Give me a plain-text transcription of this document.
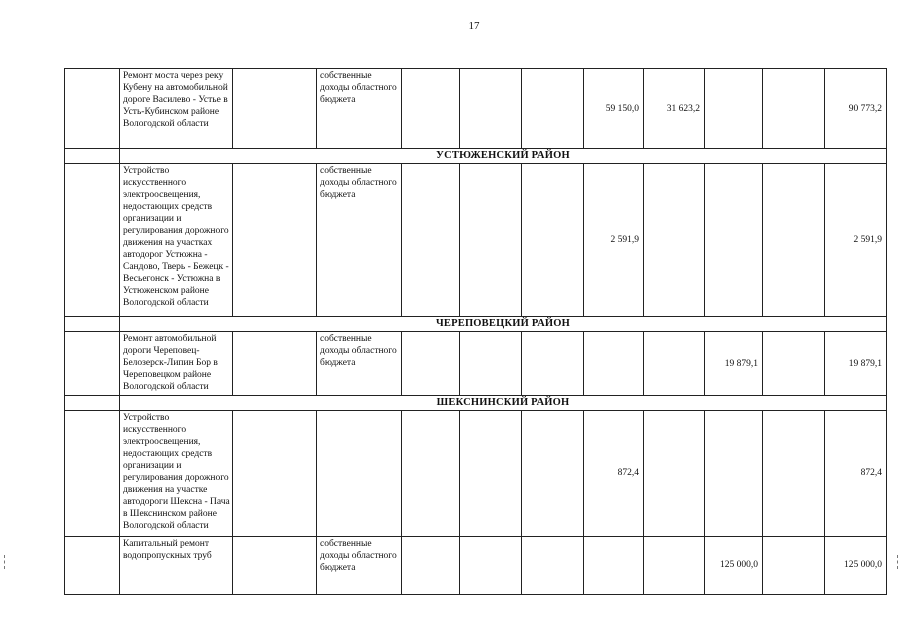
17
	Ремонт моста через реку Кубену на автомобильной дороге Василево - Устье в Усть-Кубинском районе Вологодской области		собственные доходы областного бюджета				59 150,0	31 623,2			90 773,2
	УСТЮЖЕНСКИЙ РАЙОН										
	Устройство искусственного электроосвещения, недостающих средств организации и регулирования дорожного движения на участках автодорог Устюжна - Сандово, Тверь - Бежецк - Весьегонск - Устюжна в Устюженском районе Вологодской области		собственные доходы областного бюджета				2 591,9				2 591,9
	ЧЕРЕПОВЕЦКИЙ РАЙОН										
	Ремонт автомобильной дороги Череповец-Белозерск-Липин Бор в Череповецком районе Вологодской области		собственные доходы областного бюджета						19 879,1		19 879,1
	ШЕКСНИНСКИЙ РАЙОН										
	Устройство искусственного электроосвещения, недостающих средств организации и регулирования дорожного движения на участке автодороги Шексна - Пача в Шекснинском районе Вологодской области						872,4				872,4
	Капитальный ремонт водопропускных труб		собственные доходы областного бюджета						125 000,0		125 000,0
